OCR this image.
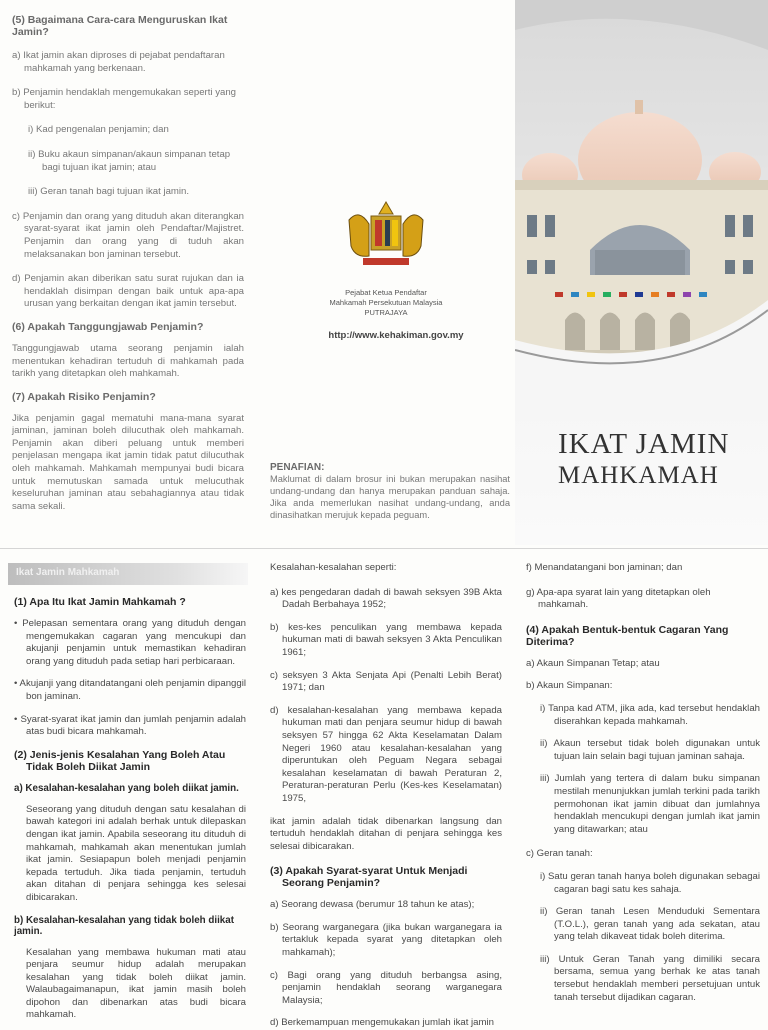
(5) Bagaimana Cara-cara Menguruskan Ikat Jamin?
a) Ikat jamin akan diproses di pejabat pendaftaran mahkamah yang berkenaan.
b) Penjamin hendaklah mengemukakan seperti yang berikut:
i) Kad pengenalan penjamin; dan
ii) Buku akaun simpanan/akaun simpanan tetap bagi tujuan ikat jamin; atau
iii) Geran tanah bagi tujuan ikat jamin.
c) Penjamin dan orang yang dituduh akan diterangkan syarat-syarat ikat jamin oleh Pendaftar/Majistret. Penjamin dan orang yang di tuduh akan melaksanakan bon jaminan tersebut.
d) Penjamin akan diberikan satu surat rujukan dan ia hendaklah disimpan dengan baik untuk apa-apa urusan yang berkaitan dengan ikat jamin tersebut.
(6) Apakah Tanggungjawab Penjamin?
Tanggungjawab utama seorang penjamin ialah menentukan kehadiran tertuduh di mahkamah pada tarikh yang ditetapkan oleh mahkamah.
(7) Apakah Risiko Penjamin?
Jika penjamin gagal mematuhi mana-mana syarat jaminan, jaminan boleh dilucuthak oleh mahkamah. Penjamin akan diberi peluang untuk memberi penjelasan mengapa ikat jamin tidak patut dilucuthak oleh mahkamah. Mahkamah mempunyai budi bicara untuk memutuskan samada untuk melucuthak keseluruhan jaminan atau sebahagiannya atau tidak sama sekali.
Pejabat Ketua Pendaftar
Mahkamah Persekutuan Malaysia
PUTRAJAYA
http://www.kehakiman.gov.my
PENAFIAN:
Maklumat di dalam brosur ini bukan merupakan nasihat undang-undang dan hanya merupakan panduan sahaja. Jika anda memerlukan nasihat undang-undang, anda dinasihatkan merujuk kepada peguam.
IKAT JAMIN
MAHKAMAH
Ikat Jamin Mahkamah
(1) Apa Itu Ikat Jamin Mahkamah ?
• Pelepasan sementara orang yang dituduh dengan mengemukakan cagaran yang mencukupi dan akujanji penjamin untuk memastikan kehadiran orang yang dituduh pada setiap hari perbicaraan.
• Akujanji yang ditandatangani oleh penjamin dipanggil bon jaminan.
• Syarat-syarat ikat jamin dan jumlah penjamin adalah atas budi bicara mahkamah.
(2) Jenis-jenis Kesalahan Yang Boleh Atau Tidak Boleh Diikat Jamin
a) Kesalahan-kesalahan yang boleh diikat jamin.
Seseorang yang dituduh dengan satu kesalahan di bawah kategori ini adalah berhak untuk dilepaskan dengan ikat jamin. Apabila seseorang itu dituduh di mahkamah, mahkamah akan menentukan jumlah ikat jamin. Sesiapapun boleh menjadi penjamin kepada tertuduh. Jika tiada penjamin, tertuduh akan ditahan di penjara sehingga kes selesai dibicarakan.
b) Kesalahan-kesalahan yang tidak boleh diikat jamin.
Kesalahan yang membawa hukuman mati atau penjara seumur hidup adalah merupakan kesalahan yang tidak boleh diikat jamin. Walaubagaimanapun, ikat jamin masih boleh dipohon dan dibenarkan atas budi bicara mahkamah.
Kesalahan-kesalahan seperti:
a) kes pengedaran dadah di bawah seksyen 39B Akta Dadah Berbahaya 1952;
b) kes-kes penculikan yang membawa kepada hukuman mati di bawah seksyen 3 Akta Penculikan 1961;
c) seksyen 3 Akta Senjata Api (Penalti Lebih Berat) 1971; dan
d) kesalahan-kesalahan yang membawa kepada hukuman mati dan penjara seumur hidup di bawah seksyen 57 hingga 62 Akta Keselamatan Dalam Negeri 1960 atau kesalahan-kesalahan yang diperuntukan oleh Peguam Negara sebagai kesalahan keselamatan di bawah Peraturan 2, Peraturan-peraturan Perlu (Kes-kes Keselamatan) 1975,
ikat jamin adalah tidak dibenarkan langsung dan tertuduh hendaklah ditahan di penjara sehingga kes selesai dibicarakan.
(3) Apakah Syarat-syarat Untuk Menjadi Seorang Penjamin?
a) Seorang dewasa (berumur 18 tahun ke atas);
b) Seorang warganegara (jika bukan warganegara ia tertakluk kepada syarat yang ditetapkan oleh mahkamah);
c) Bagi orang yang dituduh berbangsa asing, penjamin hendaklah seorang warganegara Malaysia;
d) Berkemampuan mengemukakan jumlah ikat jamin
f) Menandatangani bon jaminan; dan
g) Apa-apa syarat lain yang ditetapkan oleh mahkamah.
(4) Apakah Bentuk-bentuk Cagaran Yang Diterima?
a) Akaun Simpanan Tetap; atau
b) Akaun Simpanan:
i) Tanpa kad ATM, jika ada, kad tersebut hendaklah diserahkan kepada mahkamah.
ii) Akaun tersebut tidak boleh digunakan untuk tujuan lain selain bagi tujuan jaminan sahaja.
iii) Jumlah yang tertera di dalam buku simpanan mestilah menunjukkan jumlah terkini pada tarikh permohonan ikat jamin dibuat dan jumlahnya hendaklah mencukupi dengan jumlah ikat jamin yang ditawarkan; atau
c) Geran tanah:
i) Satu geran tanah hanya boleh digunakan sebagai cagaran bagi satu kes sahaja.
ii) Geran tanah Lesen Menduduki Sementara (T.O.L.), geran tanah yang ada sekatan, atau yang telah dikaveat tidak boleh diterima.
iii) Untuk Geran Tanah yang dimiliki secara bersama, semua yang berhak ke atas tanah tersebut hendaklah memberi persetujuan untuk tanah tersebut dijadikan cagaran.
